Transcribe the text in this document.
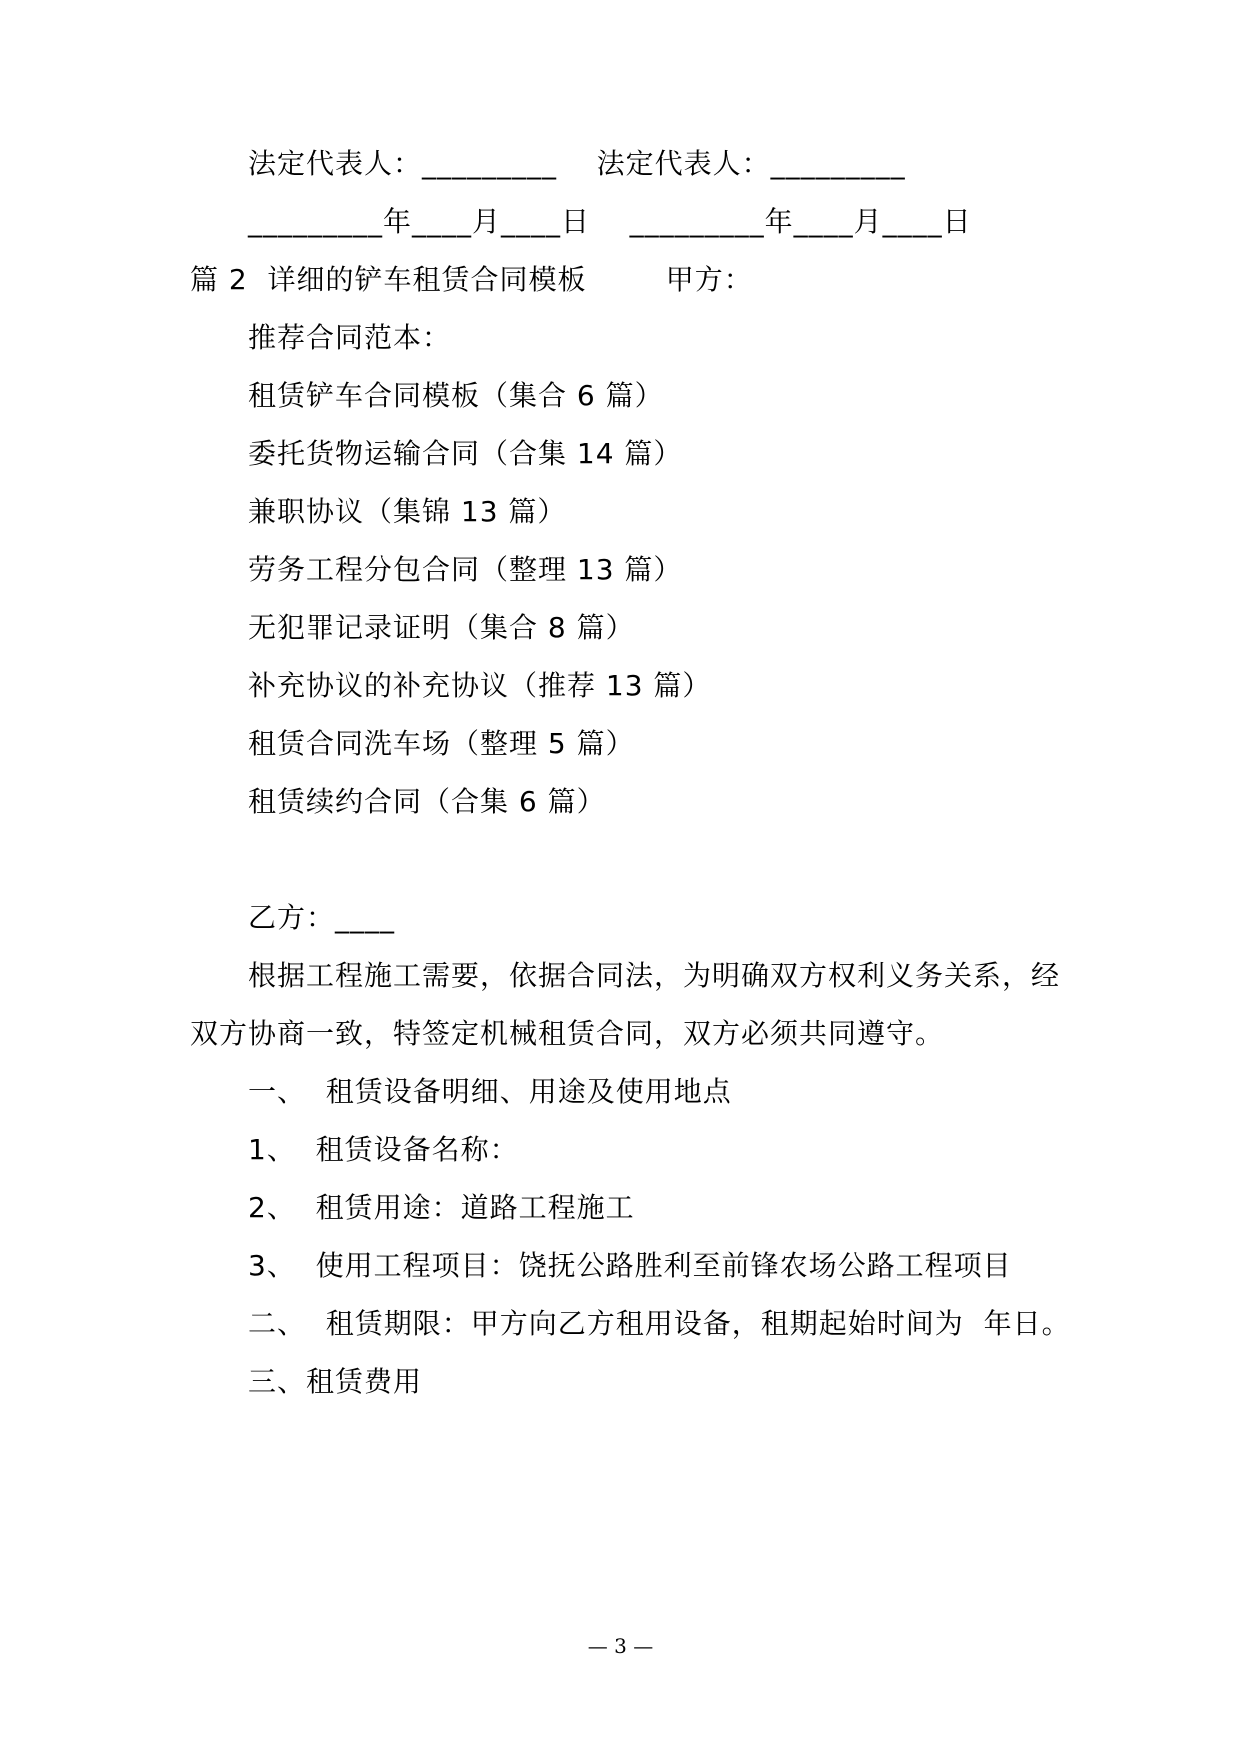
法定代表人：_________    法定代表人：_________
_________年____月____日    _________年____月____日
篇 2  详细的铲车租赁合同模板        甲方：
推荐合同范本：
租赁铲车合同模板（集合 6 篇）
委托货物运输合同（合集 14 篇）
兼职协议（集锦 13 篇）
劳务工程分包合同（整理 13 篇）
无犯罪记录证明（集合 8 篇）
补充协议的补充协议（推荐 13 篇）
租赁合同洗车场（整理 5 篇）
租赁续约合同（合集 6 篇）
乙方：____
根据工程施工需要，依据合同法，为明确双方权利义务关系，经
双方协商一致，特签定机械租赁合同，双方必须共同遵守。
一、  租赁设备明细、用途及使用地点
1、  租赁设备名称：
2、  租赁用途：道路工程施工
3、  使用工程项目：饶抚公路胜利至前锋农场公路工程项目
二、  租赁期限：甲方向乙方租用设备，租期起始时间为  年日。
三、租赁费用
— 3 —
